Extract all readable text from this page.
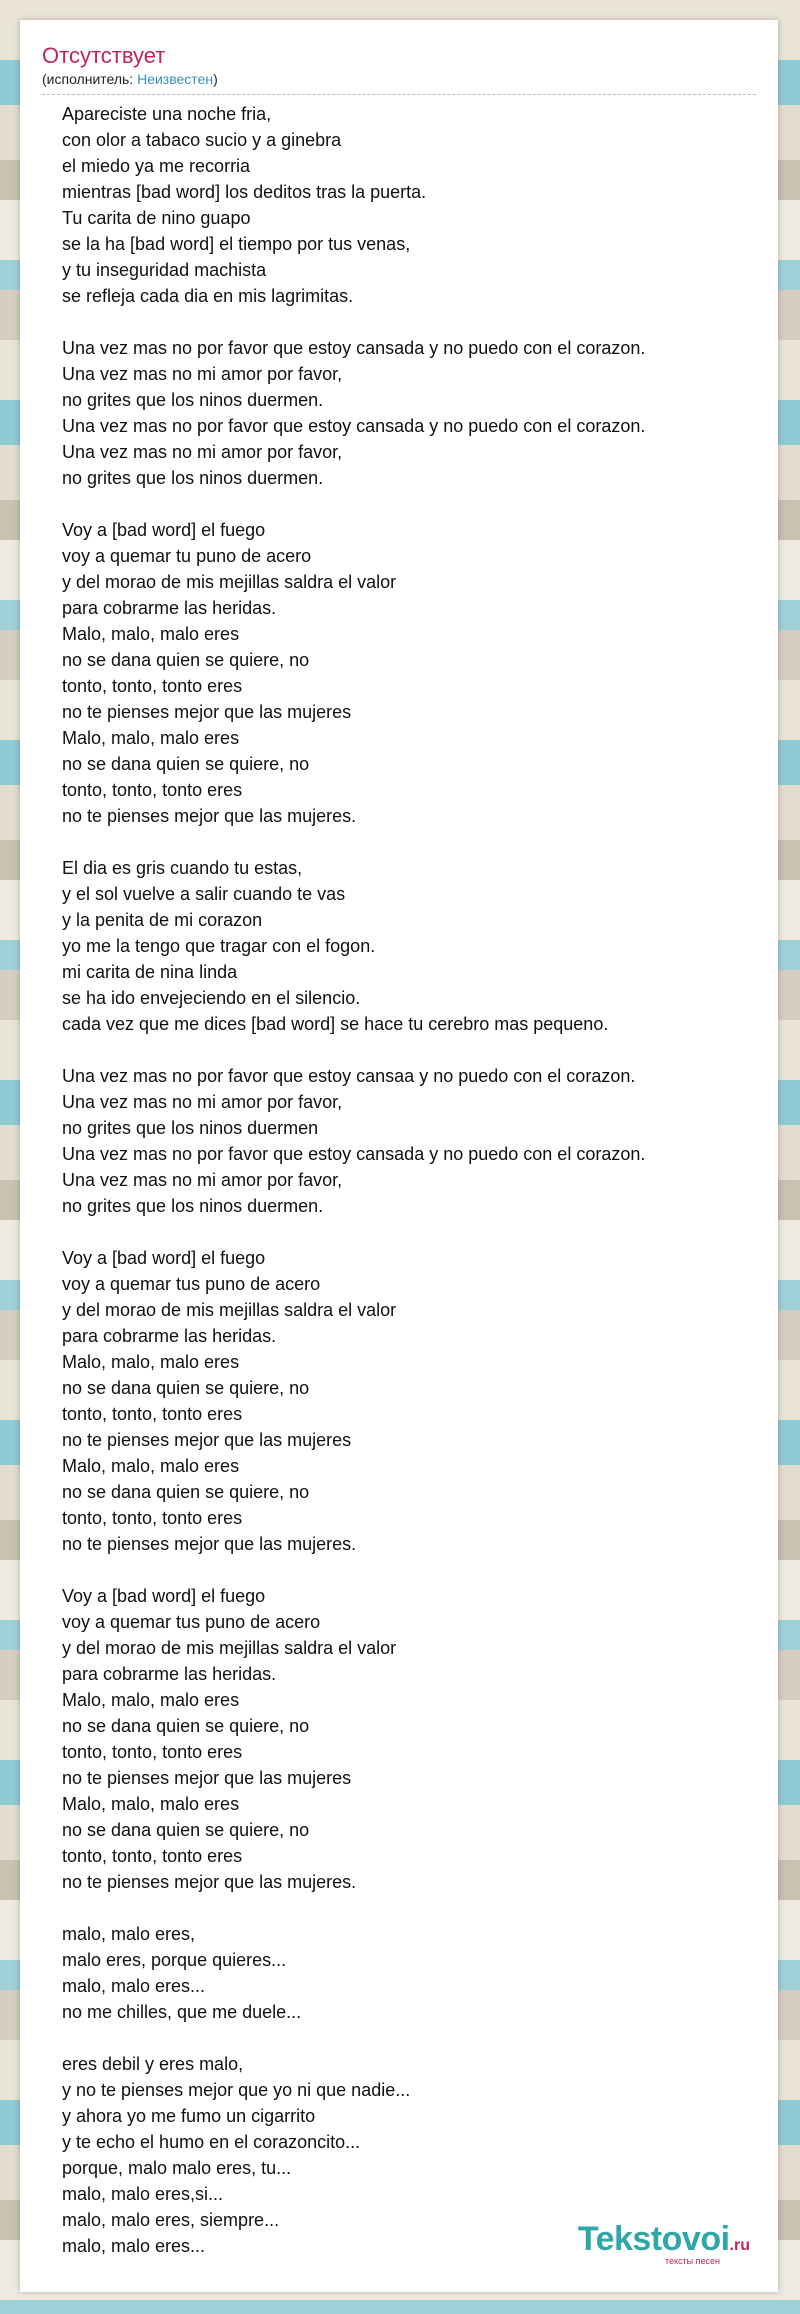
Отсутствует
(исполнитель: Неизвестен)
Apareciste una noche fria,
con olor a tabaco sucio y a ginebra
el miedo ya me recorria
mientras [bad word] los deditos tras la puerta.
Tu carita de nino guapo
se la ha [bad word] el tiempo por tus venas,
y tu inseguridad machista
se refleja cada dia en mis lagrimitas.
Una vez mas no por favor que estoy cansada y no puedo con el corazon.
Una vez mas no mi amor por favor,
no grites que los ninos duermen.
Una vez mas no por favor que estoy cansada y no puedo con el corazon.
Una vez mas no mi amor por favor,
no grites que los ninos duermen.
Voy a [bad word] el fuego
voy a quemar tu puno de acero
y del morao de mis mejillas saldra el valor
para cobrarme las heridas.
Malo, malo, malo eres
no se dana quien se quiere, no
tonto, tonto, tonto eres
no te pienses mejor que las mujeres
Malo, malo, malo eres
no se dana quien se quiere, no
tonto, tonto, tonto eres
no te pienses mejor que las mujeres.
El dia es gris cuando tu estas,
y el sol vuelve a salir cuando te vas
y la penita de mi corazon
yo me la tengo que tragar con el fogon.
mi carita de nina linda
se ha ido envejeciendo en el silencio.
cada vez que me dices [bad word] se hace tu cerebro mas pequeno.
Una vez mas no por favor que estoy cansaa y no puedo con el corazon.
Una vez mas no mi amor por favor,
no grites que los ninos duermen
Una vez mas no por favor que estoy cansada y no puedo con el corazon.
Una vez mas no mi amor por favor,
no grites que los ninos duermen.
Voy a [bad word] el fuego
voy a quemar tus puno de acero
y del morao de mis mejillas saldra el valor
para cobrarme las heridas.
Malo, malo, malo eres
no se dana quien se quiere, no
tonto, tonto, tonto eres
no te pienses mejor que las mujeres
Malo, malo, malo eres
no se dana quien se quiere, no
tonto, tonto, tonto eres
no te pienses mejor que las mujeres.
Voy a [bad word] el fuego
voy a quemar tus puno de acero
y del morao de mis mejillas saldra el valor
para cobrarme las heridas.
Malo, malo, malo eres
no se dana quien se quiere, no
tonto, tonto, tonto eres
no te pienses mejor que las mujeres
Malo, malo, malo eres
no se dana quien se quiere, no
tonto, tonto, tonto eres
no te pienses mejor que las mujeres.
malo, malo eres,
malo eres, porque quieres...
malo, malo eres...
no me chilles, que me duele...
eres debil y eres malo,
y no te pienses mejor que yo ni que nadie...
y ahora yo me fumo un cigarrito
y te echo el humo en el corazoncito...
porque, malo malo eres, tu...
malo, malo eres,si...
malo, malo eres, siempre...
malo, malo eres...	Tekstovoi.ru
тексты песен
